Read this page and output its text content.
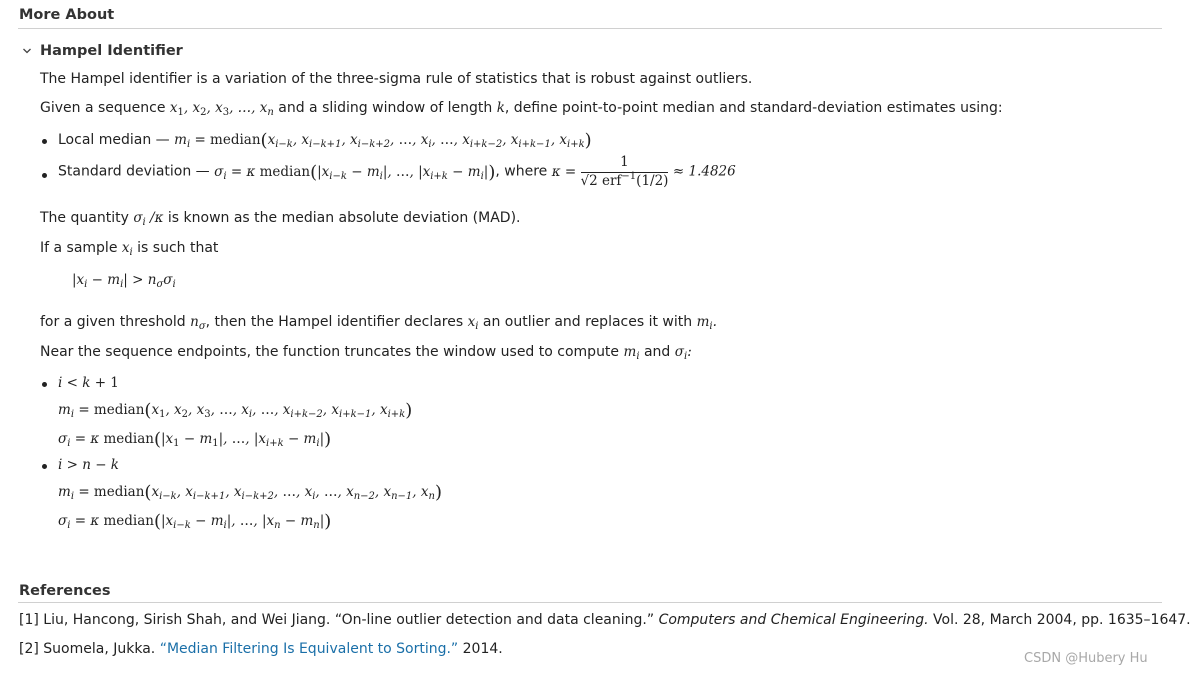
More About
Hampel Identifier
The Hampel identifier is a variation of the three-sigma rule of statistics that is robust against outliers.
Given a sequence $x_1$, $x_2$, $x_3$, …, $x_n$ and a sliding window of length k, define point-to-point median and standard-deviation estimates using:
Local median — $m_i$ = $median(x_{i-k}$, $x_{i-k+1}$, $x_{i-k+2}$, …, $x_i$, …, $x_{i+k-2}$, $x_{i+k-1}$, $x_{i+k}$)
Standard deviation — $\sigma_i = \kappa$ $median(|x_{i-k} - m_i|$, …, $|x_{i+k} - m_i|$), where $\kappa = \frac{1}{√2 erf^{-1}(1/2)} \approx 1.4826$
The quantity $\sigma_i$ /κ is known as the median absolute deviation (MAD).
If a sample $x_i$ is such that
$|x_i - m_i| > n_\sigma\sigma_i$
for a given threshold $n_\sigma$, then the Hampel identifier declares $x_i$ an outlier and replaces it with $m_i$.
Near the sequence endpoints, the function truncates the window used to compute $m_i$ and $\sigma_i$:
i < k + 1
$m_i$ = $median(x_1$, $x_2$, $x_3$, …, $x_i$, …, $x_{i+k-2}$, $x_{i+k-1}$, $x_{i+k}$)
$\sigma_i = \kappa$ $median(|x_1 - m_1|$, …, $|x_{i+k} - m_i|$)
i > n − k
$m_i$ = $median(x_{i-k}$, $x_{i-k+1}$, $x_{i-k+2}$, …, $x_i$, …, $x_{n-2}$, $x_{n-1}$, $x_n$)
$\sigma_i = \kappa$ $median(|x_{i-k} - m_i|$, …, $|x_n - m_n|$)
References
[1] Liu, Hancong, Sirish Shah, and Wei Jiang. “On-line outlier detection and data cleaning.” Computers and Chemical Engineering. Vol. 28, March 2004, pp. 1635–1647.
[2] Suomela, Jukka. “Median Filtering Is Equivalent to Sorting.” 2014.
CSDN @Hubery Hu
